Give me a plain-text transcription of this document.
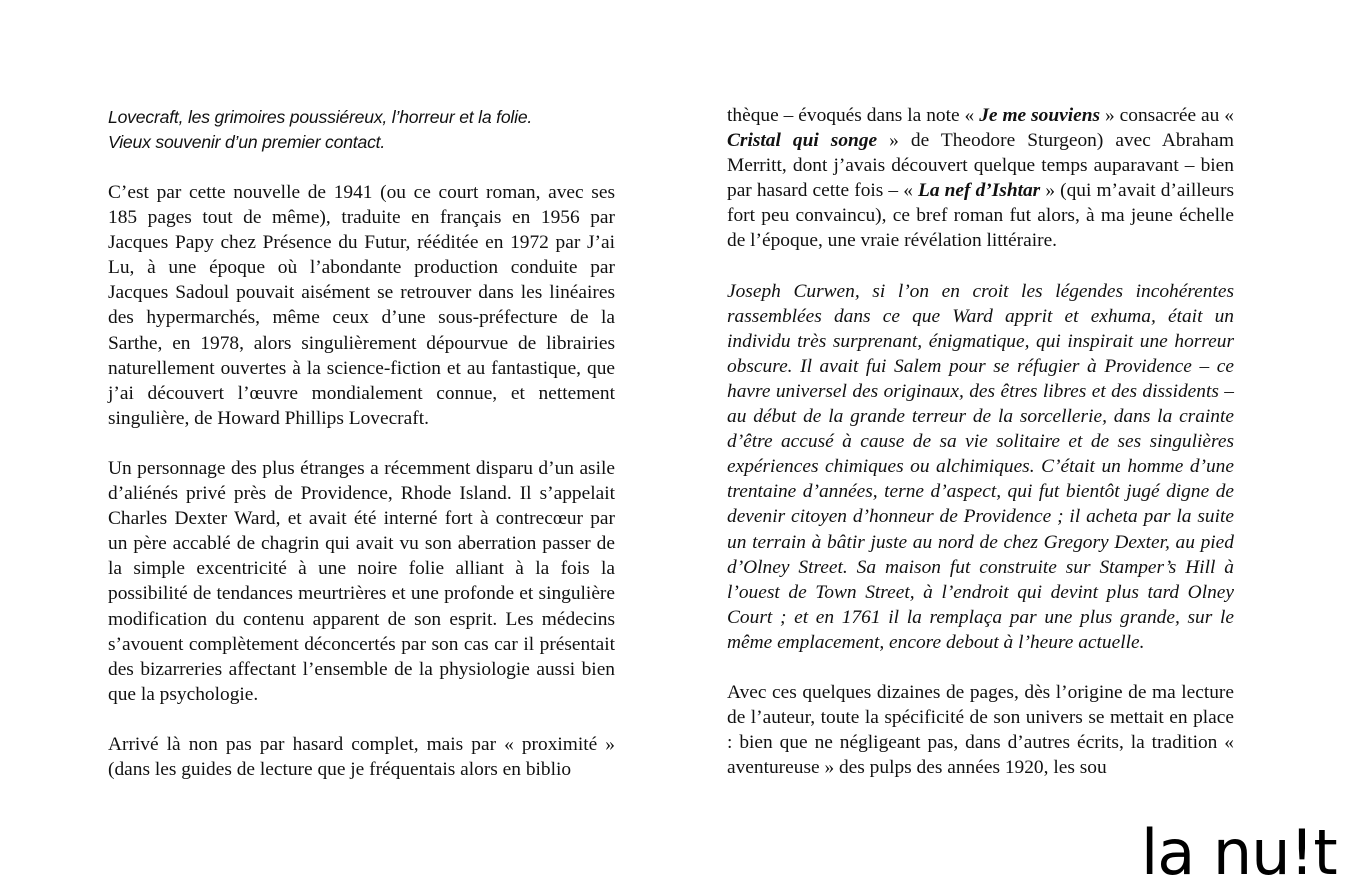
Lovecraft, les grimoires poussiéreux, l’horreur et la folie.
Vieux souvenir d’un premier contact.

C’est par cette nouvelle de 1941 (ou ce court roman, avec ses 185 pages tout de même), traduite en français en 1956 par Jacques Papy chez Présence du Futur, rééditée en 1972 par J’ai Lu, à une époque où l’abondante production conduite par Jacques Sadoul pouvait aisément se retrouver dans les linéaires des hypermarchés, même ceux d’une sous-préfecture de la Sarthe, en 1978, alors singulièrement dépourvue de librairies naturellement ouvertes à la science-fiction et au fantastique, que j’ai découvert l’œuvre mondialement connue, et nettement singulière, de Howard Phillips Lovecraft.

Un personnage des plus étranges a récemment disparu d’un asile d’aliénés privé près de Providence, Rhode Island. Il s’appelait Charles Dexter Ward, et avait été interné fort à contrecœur par un père accablé de chagrin qui avait vu son aberration passer de la simple excentricité à une noire folie alliant à la fois la possibilité de tendances meurtrières et une profonde et singulière modification du contenu apparent de son esprit. Les médecins s’avouent complètement déconcertés par son cas car il présentait des bizarreries affectant l’ensemble de la physiologie aussi bien que la psychologie.

Arrivé là non pas par hasard complet, mais par « proximité » (dans les guides de lecture que je fréquentais alors en biblio

thèque – évoqués dans la note « Je me souviens » consacrée au « Cristal qui songe » de Theodore Sturgeon) avec Abraham Merritt, dont j’avais découvert quelque temps auparavant – bien par hasard cette fois – « La nef d’Ishtar » (qui m’avait d’ailleurs fort peu convaincu), ce bref roman fut alors, à ma jeune échelle de l’époque, une vraie révélation littéraire.

Joseph Curwen, si l’on en croit les légendes incohérentes rassemblées dans ce que Ward apprit et exhuma, était un individu très surprenant, énigmatique, qui inspirait une horreur obscure. Il avait fui Salem pour se réfugier à Providence – ce havre universel des originaux, des êtres libres et des dissidents – au début de la grande terreur de la sorcellerie, dans la crainte d’être accusé à cause de sa vie solitaire et de ses singulières expériences chimiques ou alchimiques. C’était un homme d’une trentaine d’années, terne d’aspect, qui fut bientôt jugé digne de devenir citoyen d’honneur de Providence ; il acheta par la suite un terrain à bâtir juste au nord de chez Gregory Dexter, au pied d’Olney Street. Sa maison fut construite sur Stamper’s Hill à l’ouest de Town Street, à l’endroit qui devint plus tard Olney Court ; et en 1761 il la remplaça par une plus grande, sur le même emplacement, encore debout à l’heure actuelle.

Avec ces quelques dizaines de pages, dès l’origine de ma lecture de l’auteur, toute la spécificité de son univers se mettait en place : bien que ne négligeant pas, dans d’autres écrits, la tradition « aventureuse » des pulps des années 1920, les sou

la nu!t
